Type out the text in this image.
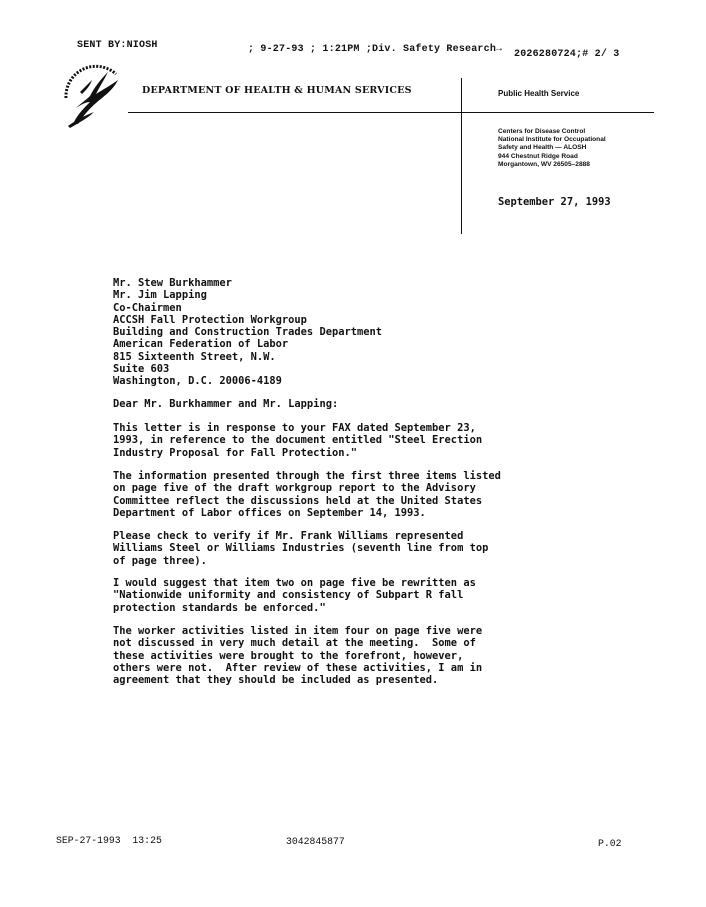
SENT BY:NIOSH	; 9-27-93 ; 1:21PM ;Div. Safety Research→ 2026280724;# 2/ 3
DEPARTMENT OF HEALTH & HUMAN SERVICES	Public Health Service
Centers for Disease Control
National Institute for Occupational
Safety and Health — ALOSH
944 Chestnut Ridge Road
Morgantown, WV 26505–2888
September 27, 1993
Mr. Stew Burkhammer
Mr. Jim Lapping
Co-Chairmen
ACCSH Fall Protection Workgroup
Building and Construction Trades Department
American Federation of Labor
815 Sixteenth Street, N.W.
Suite 603
Washington, D.C. 20006-4189
Dear Mr. Burkhammer and Mr. Lapping:
This letter is in response to your FAX dated September 23,
1993, in reference to the document entitled "Steel Erection
Industry Proposal for Fall Protection."
The information presented through the first three items listed
on page five of the draft workgroup report to the Advisory
Committee reflect the discussions held at the United States
Department of Labor offices on September 14, 1993.
Please check to verify if Mr. Frank Williams represented
Williams Steel or Williams Industries (seventh line from top
of page three).
I would suggest that item two on page five be rewritten as
"Nationwide uniformity and consistency of Subpart R fall
protection standards be enforced."
The worker activities listed in item four on page five were
not discussed in very much detail at the meeting.  Some of
these activities were brought to the forefront, however,
others were not.  After review of these activities, I am in
agreement that they should be included as presented.
SEP-27-1993  13:25	3042845877	P.02
